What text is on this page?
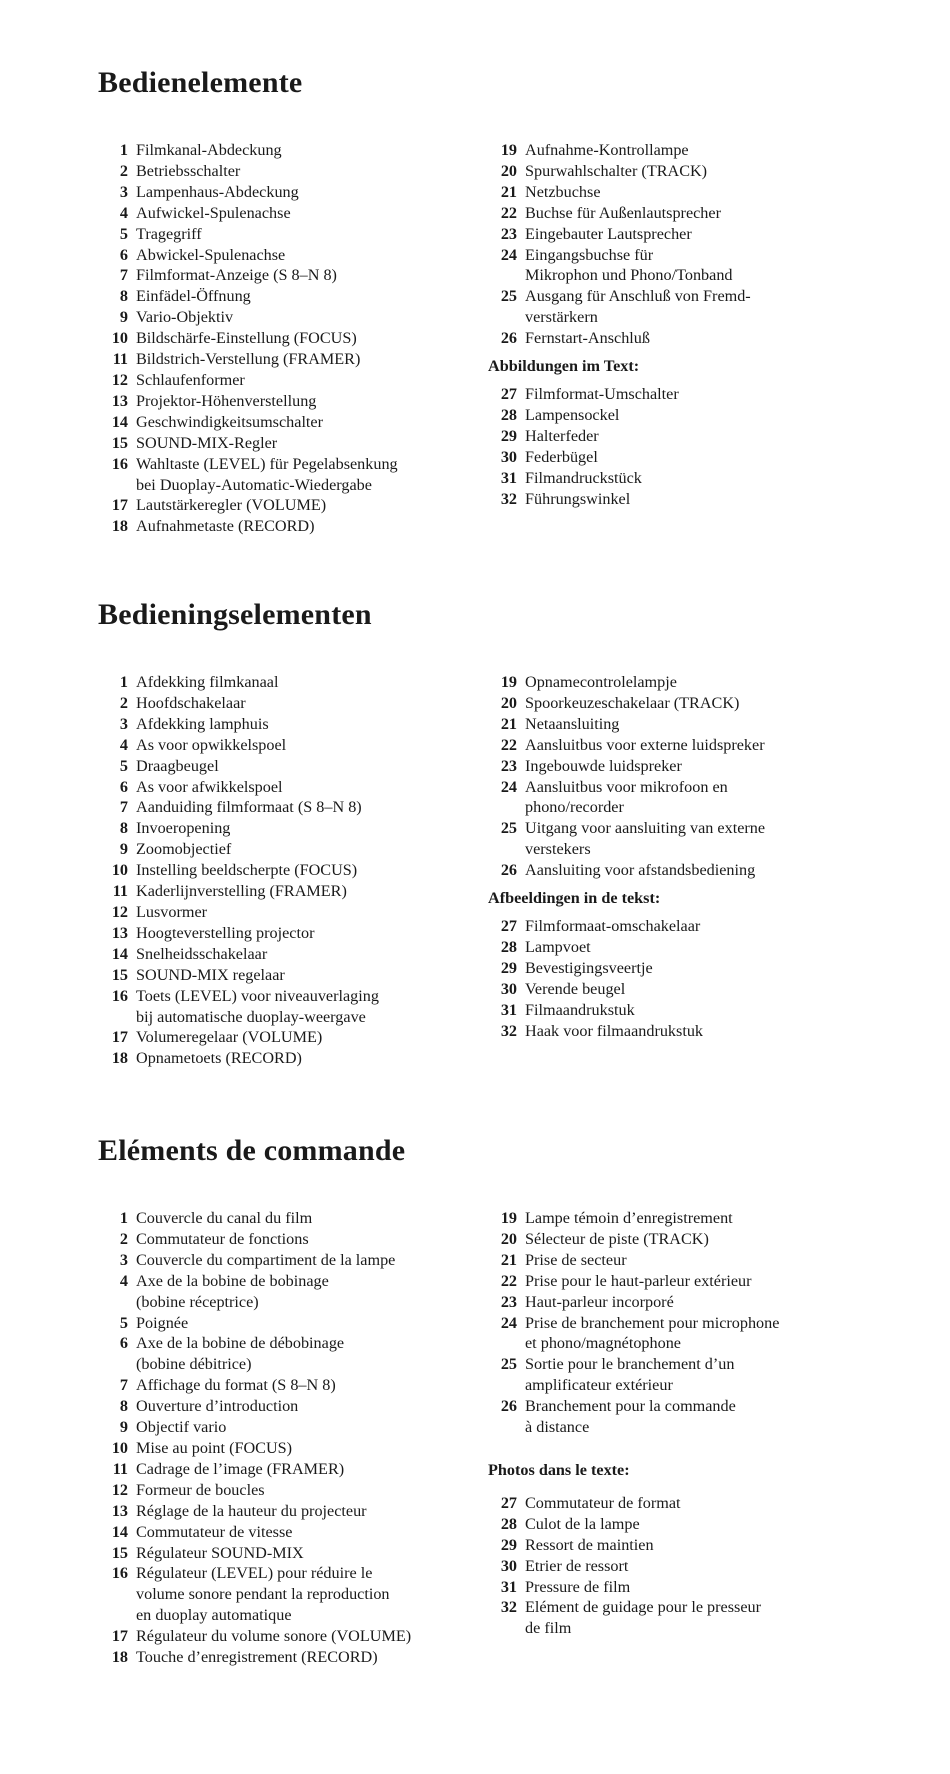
Bedienelemente
1 Filmkanal-Abdeckung
2 Betriebsschalter
3 Lampenhaus-Abdeckung
4 Aufwickel-Spulenachse
5 Tragegriff
6 Abwickel-Spulenachse
7 Filmformat-Anzeige (S 8–N 8)
8 Einfädel-Öffnung
9 Vario-Objektiv
10 Bildschärfe-Einstellung (FOCUS)
11 Bildstrich-Verstellung (FRAMER)
12 Schlaufenformer
13 Projektor-Höhenverstellung
14 Geschwindigkeitsumschalter
15 SOUND-MIX-Regler
16 Wahltaste (LEVEL) für Pegelabsenkung
bei Duoplay-Automatic-Wiedergabe
17 Lautstärkeregler (VOLUME)
18 Aufnahmetaste (RECORD)
19 Aufnahme-Kontrollampe
20 Spurwahlschalter (TRACK)
21 Netzbuchse
22 Buchse für Außenlautsprecher
23 Eingebauter Lautsprecher
24 Eingangsbuchse für
Mikrophon und Phono/Tonband
25 Ausgang für Anschluß von Fremd-
verstärkern
26 Fernstart-Anschluß
Abbildungen im Text:
27 Filmformat-Umschalter
28 Lampensockel
29 Halterfeder
30 Federbügel
31 Filmandruckstück
32 Führungswinkel
Bedieningselementen
1 Afdekking filmkanaal
2 Hoofdschakelaar
3 Afdekking lamphuis
4 As voor opwikkelspoel
5 Draagbeugel
6 As voor afwikkelspoel
7 Aanduiding filmformaat (S 8–N 8)
8 Invoeropening
9 Zoomobjectief
10 Instelling beeldscherpte (FOCUS)
11 Kaderlijnverstelling (FRAMER)
12 Lusvormer
13 Hoogteverstelling projector
14 Snelheidsschakelaar
15 SOUND-MIX regelaar
16 Toets (LEVEL) voor niveauverlaging
bij automatische duoplay-weergave
17 Volumeregelaar (VOLUME)
18 Opnametoets (RECORD)
19 Opnamecontrolelampje
20 Spoorkeuzeschakelaar (TRACK)
21 Netaansluiting
22 Aansluitbus voor externe luidspreker
23 Ingebouwde luidspreker
24 Aansluitbus voor mikrofoon en
phono/recorder
25 Uitgang voor aansluiting van externe
verstekers
26 Aansluiting voor afstandsbediening
Afbeeldingen in de tekst:
27 Filmformaat-omschakelaar
28 Lampvoet
29 Bevestigingsveertje
30 Verende beugel
31 Filmaandrukstuk
32 Haak voor filmaandrukstuk
Eléments de commande
1 Couvercle du canal du film
2 Commutateur de fonctions
3 Couvercle du compartiment de la lampe
4 Axe de la bobine de bobinage
(bobine réceptrice)
5 Poignée
6 Axe de la bobine de débobinage
(bobine débitrice)
7 Affichage du format (S 8–N 8)
8 Ouverture d’introduction
9 Objectif vario
10 Mise au point (FOCUS)
11 Cadrage de l’image (FRAMER)
12 Formeur de boucles
13 Réglage de la hauteur du projecteur
14 Commutateur de vitesse
15 Régulateur SOUND-MIX
16 Régulateur (LEVEL) pour réduire le
volume sonore pendant la reproduction
en duoplay automatique
17 Régulateur du volume sonore (VOLUME)
18 Touche d’enregistrement (RECORD)
19 Lampe témoin d’enregistrement
20 Sélecteur de piste (TRACK)
21 Prise de secteur
22 Prise pour le haut-parleur extérieur
23 Haut-parleur incorporé
24 Prise de branchement pour microphone
et phono/magnétophone
25 Sortie pour le branchement d’un
amplificateur extérieur
26 Branchement pour la commande
à distance
Photos dans le texte:
27 Commutateur de format
28 Culot de la lampe
29 Ressort de maintien
30 Etrier de ressort
31 Pressure de film
32 Elément de guidage pour le presseur
de film
